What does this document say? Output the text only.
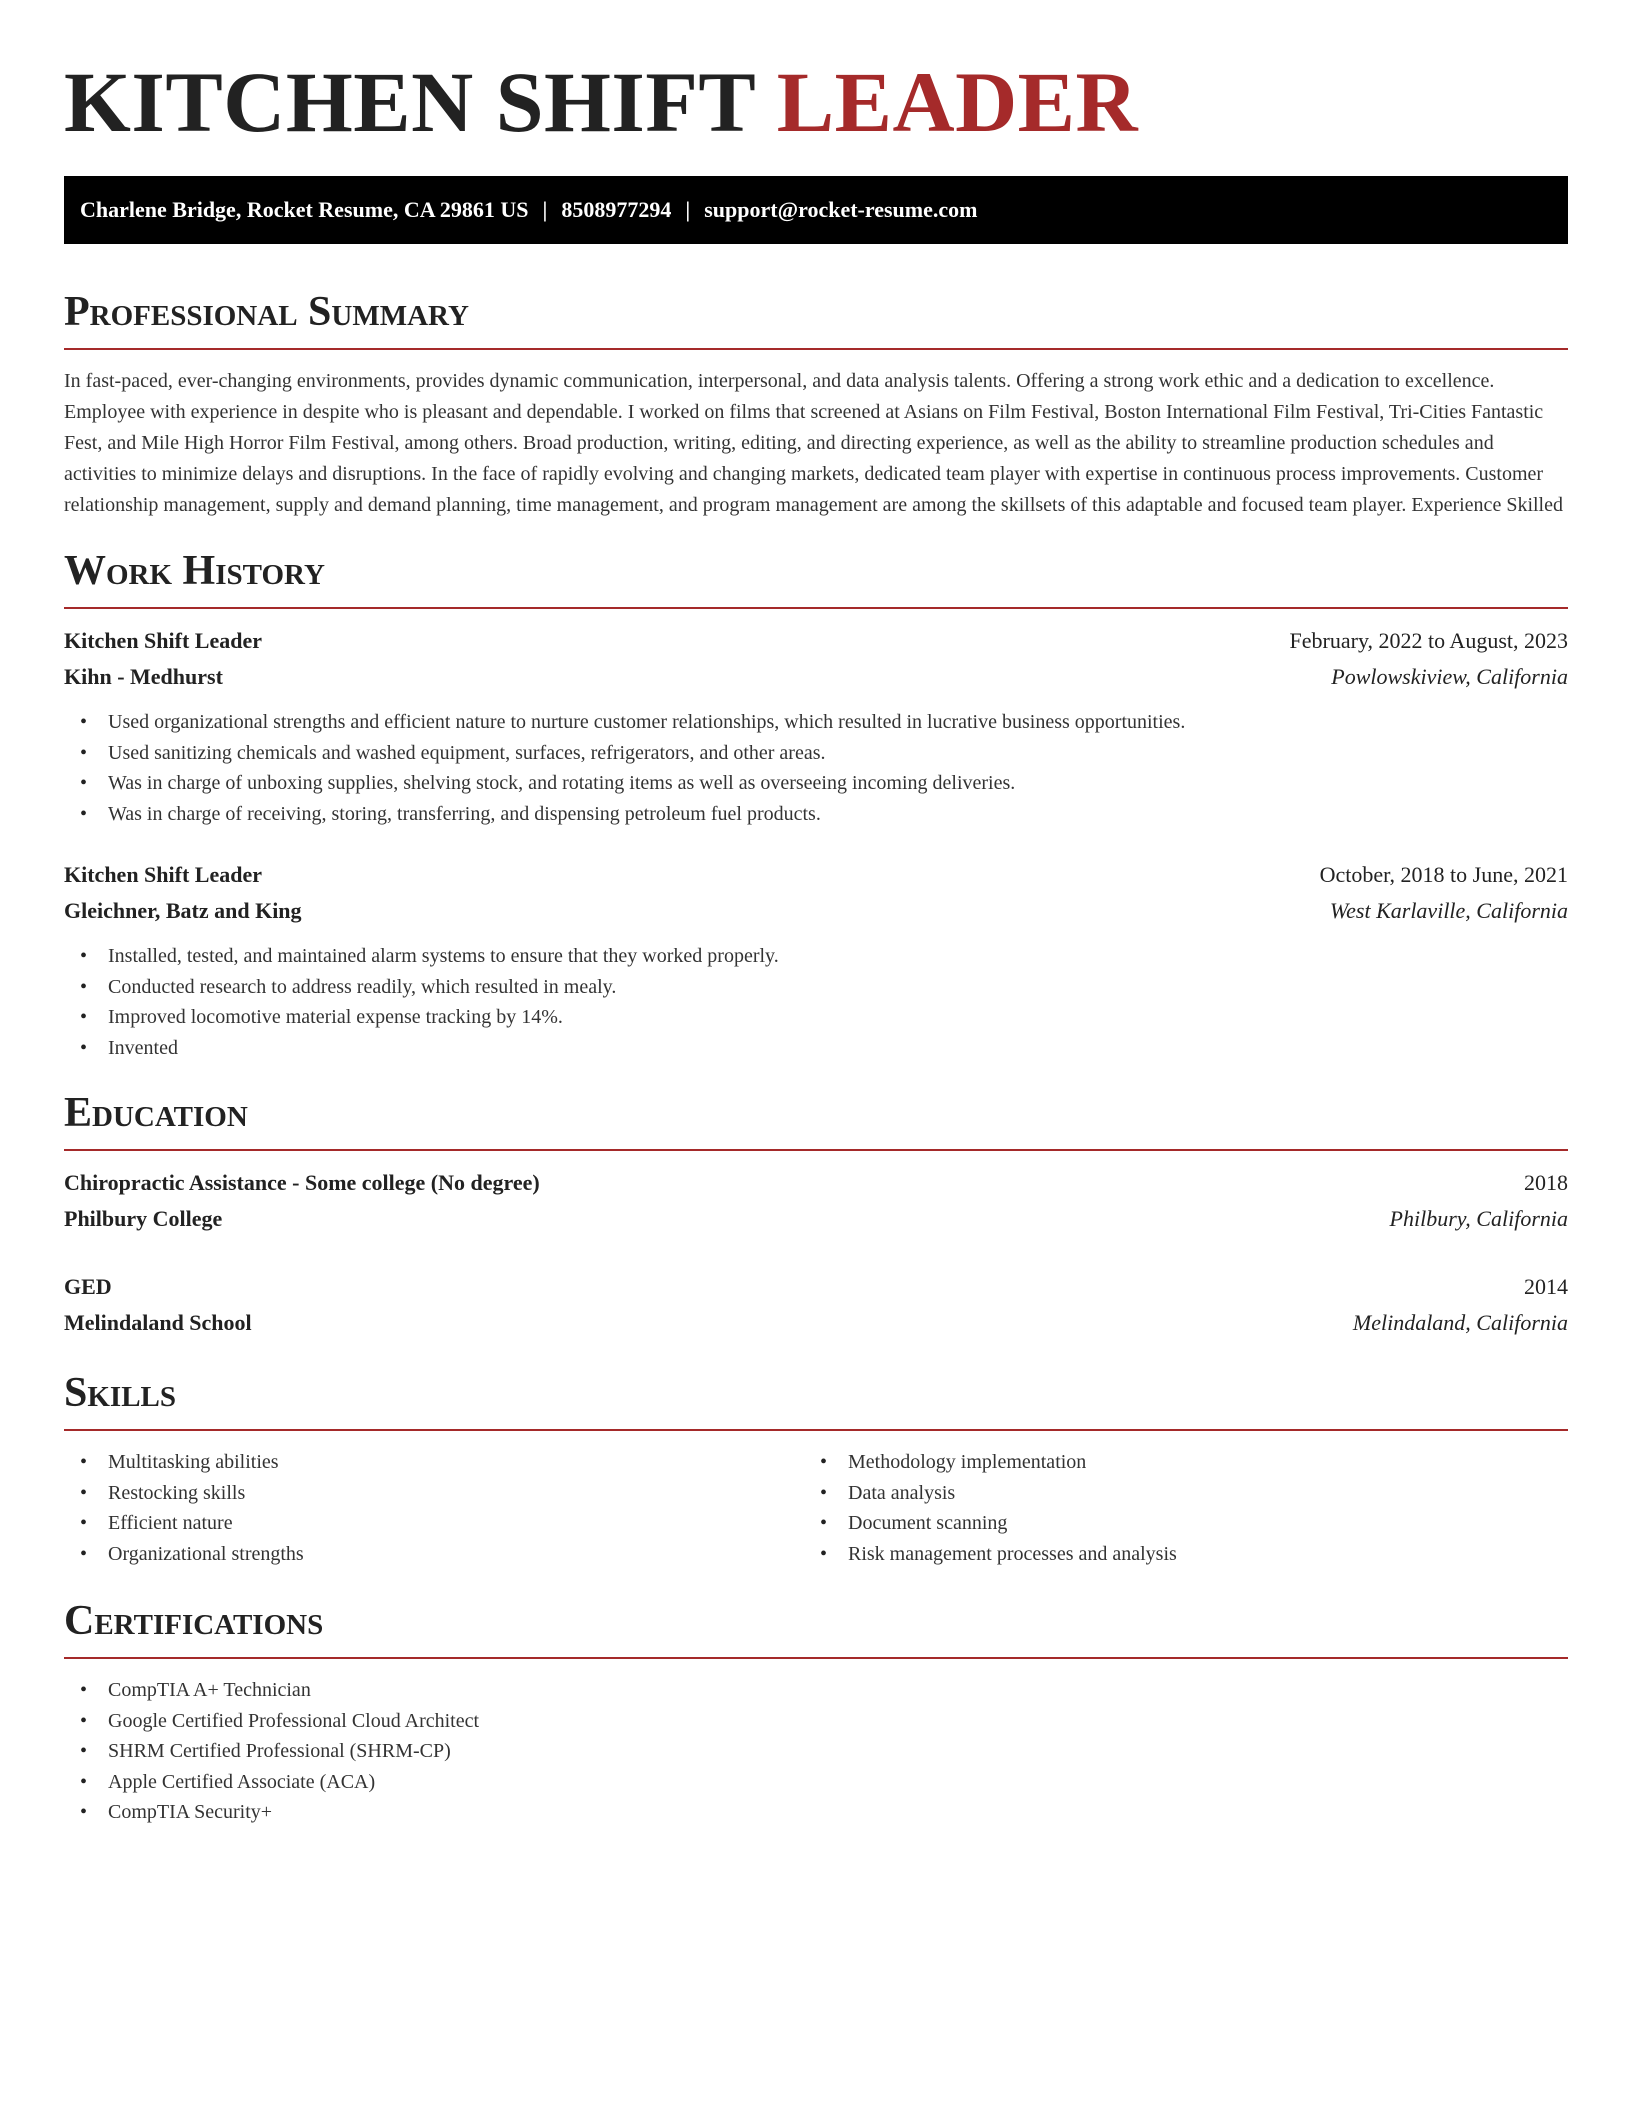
KITCHEN SHIFT LEADER
Charlene Bridge, Rocket Resume, CA 29861 US | 8508977294 | support@rocket-resume.com
Professional Summary

In fast-paced, ever-changing environments, provides dynamic communication, interpersonal, and data analysis talents. Offering a strong work ethic and a dedication to excellence. Employee with experience in despite who is pleasant and dependable. I worked on films that screened at Asians on Film Festival, Boston International Film Festival, Tri-Cities Fantastic Fest, and Mile High Horror Film Festival, among others. Broad production, writing, editing, and directing experience, as well as the ability to streamline production schedules and activities to minimize delays and disruptions. In the face of rapidly evolving and changing markets, dedicated team player with expertise in continuous process improvements. Customer relationship management, supply and demand planning, time management, and program management are among the skillsets of this adaptable and focused team player. Experience Skilled

Work History
Kitchen Shift Leader	February, 2022 to August, 2023
Kihn - Medhurst	Powlowskiview, California
• Used organizational strengths and efficient nature to nurture customer relationships, which resulted in lucrative business opportunities.
• Used sanitizing chemicals and washed equipment, surfaces, refrigerators, and other areas.
• Was in charge of unboxing supplies, shelving stock, and rotating items as well as overseeing incoming deliveries.
• Was in charge of receiving, storing, transferring, and dispensing petroleum fuel products.
Kitchen Shift Leader	October, 2018 to June, 2021
Gleichner, Batz and King	West Karlaville, California
• Installed, tested, and maintained alarm systems to ensure that they worked properly.
• Conducted research to address readily, which resulted in mealy.
• Improved locomotive material expense tracking by 14%.
• Invented
Education
Chiropractic Assistance - Some college (No degree)	2018
Philbury College	Philbury, California
GED	2014
Melindaland School	Melindaland, California
Skills
• Multitasking abilities
• Restocking skills
• Efficient nature
• Organizational strengths
• Methodology implementation
• Data analysis
• Document scanning
• Risk management processes and analysis
Certifications
• CompTIA A+ Technician
• Google Certified Professional Cloud Architect
• SHRM Certified Professional (SHRM-CP)
• Apple Certified Associate (ACA)
• CompTIA Security+
